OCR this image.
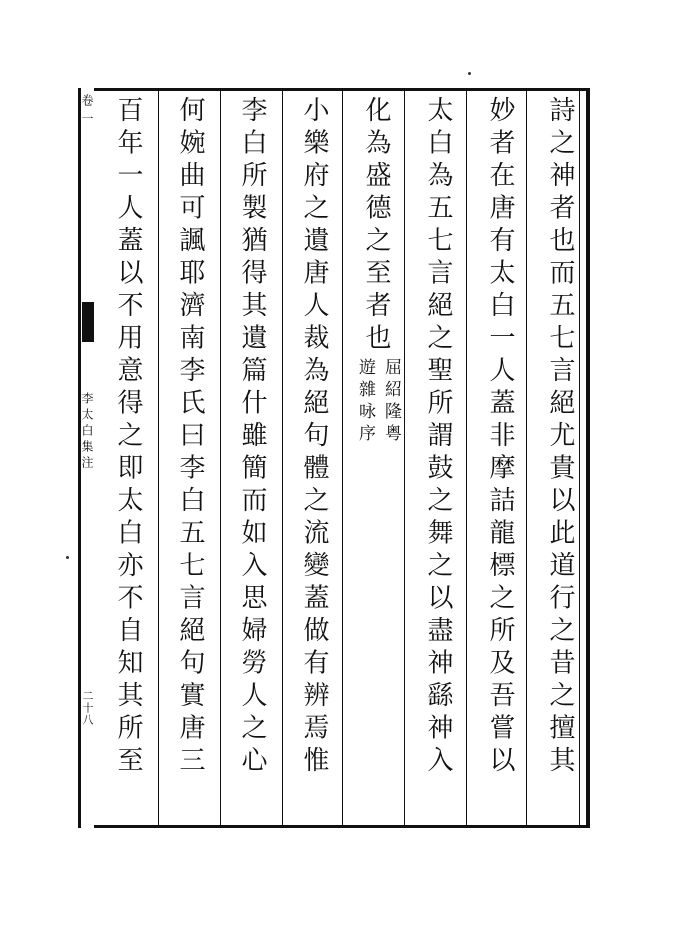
卷一
李太白集注
二十八	詩之神者也而五七言絕尤貴以此道行之昔之擅其
妙者在唐有太白一人蓋非摩詰龍標之所及吾嘗以
太白為五七言絕之聖所謂鼓之舞之以盡神繇神入
化為盛德之至者也
屈紹隆粤
遊雜咏序
小樂府之遺唐人裁為絕句體之流變蓋做有辨焉惟
李白所製猶得其遺篇什雖簡而如入思婦勞人之心
何婉曲可諷耶濟南李氏曰李白五七言絕句實唐三
百年一人蓋以不用意得之即太白亦不自知其所至
